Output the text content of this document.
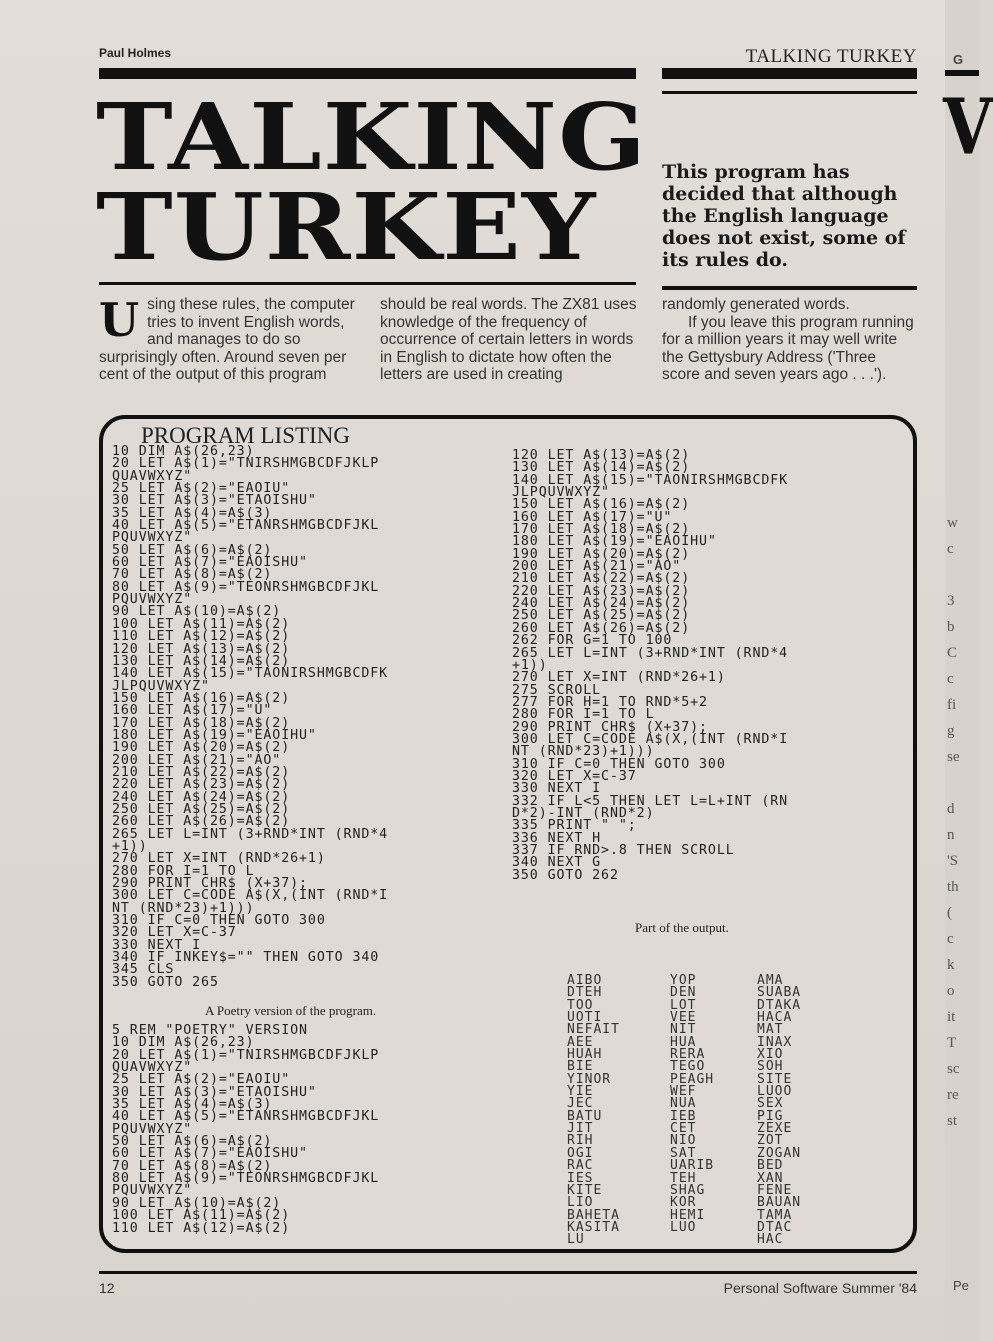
Paul Holmes	TALKING TURKEY
TALKING
TURKEY
This program has decided that although the English language does not exist, some of its rules do.
Using these rules, the computer tries to invent English words, and manages to do so surprisingly often. Around seven per cent of the output of this program
should be real words. The ZX81 uses knowledge of the frequency of occurrence of certain letters in words in English to dictate how often the letters are used in creating
randomly generated words.
If you leave this program running for a million years it may well write the Gettysbury Address ('Three score and seven years ago . . .').
PROGRAM LISTING
10 DIM A$(26,23)
20 LET A$(1)="TNIRSHMGBCDFJKLP
QUAVWXYZ"
25 LET A$(2)="EAOIU"
30 LET A$(3)="ETAOISHU"
35 LET A$(4)=A$(3)
40 LET A$(5)="ETANRSHMGBCDFJKL
PQUVWXYZ"
50 LET A$(6)=A$(2)
60 LET A$(7)="EAOISHU"
70 LET A$(8)=A$(2)
80 LET A$(9)="TEONRSHMGBCDFJKL
PQUVWXYZ"
90 LET A$(10)=A$(2)
100 LET A$(11)=A$(2)
110 LET A$(12)=A$(2)
120 LET A$(13)=A$(2)
130 LET A$(14)=A$(2)
140 LET A$(15)="TAONIRSHMGBCDFK
JLPQUVWXYZ"
150 LET A$(16)=A$(2)
160 LET A$(17)="U"
170 LET A$(18)=A$(2)
180 LET A$(19)="EAOIHU"
190 LET A$(20)=A$(2)
200 LET A$(21)="AO"
210 LET A$(22)=A$(2)
220 LET A$(23)=A$(2)
240 LET A$(24)=A$(2)
250 LET A$(25)=A$(2)
260 LET A$(26)=A$(2)
265 LET L=INT (3+RND*INT (RND*4
+1))
270 LET X=INT (RND*26+1)
280 FOR I=1 TO L
290 PRINT CHR$ (X+37);
300 LET C=CODE A$(X,(INT (RND*I
NT (RND*23)+1)))
310 IF C=0 THEN GOTO 300
320 LET X=C-37
330 NEXT I
340 IF INKEY$="" THEN GOTO 340
345 CLS
350 GOTO 265
A Poetry version of the program.
5 REM "POETRY" VERSION
10 DIM A$(26,23)
20 LET A$(1)="TNIRSHMGBCDFJKLP
QUAVWXYZ"
25 LET A$(2)="EAOIU"
30 LET A$(3)="ETAOISHU"
35 LET A$(4)=A$(3)
40 LET A$(5)="ETANRSHMGBCDFJKL
PQUVWXYZ"
50 LET A$(6)=A$(2)
60 LET A$(7)="EAOISHU"
70 LET A$(8)=A$(2)
80 LET A$(9)="TEONRSHMGBCDFJKL
PQUVWXYZ"
90 LET A$(10)=A$(2)
100 LET A$(11)=A$(2)
110 LET A$(12)=A$(2)
120 LET A$(13)=A$(2)
130 LET A$(14)=A$(2)
140 LET A$(15)="TAONIRSHMGBCDFK
JLPQUVWXYZ"
150 LET A$(16)=A$(2)
160 LET A$(17)="U"
170 LET A$(18)=A$(2)
180 LET A$(19)="EAOIHU"
190 LET A$(20)=A$(2)
200 LET A$(21)="AO"
210 LET A$(22)=A$(2)
220 LET A$(23)=A$(2)
240 LET A$(24)=A$(2)
250 LET A$(25)=A$(2)
260 LET A$(26)=A$(2)
262 FOR G=1 TO 100
265 LET L=INT (3+RND*INT (RND*4
+1))
270 LET X=INT (RND*26+1)
275 SCROLL
277 FOR H=1 TO RND*5+2
280 FOR I=1 TO L
290 PRINT CHR$ (X+37);
300 LET C=CODE A$(X,(INT (RND*I
NT (RND*23)+1)))
310 IF C=0 THEN GOTO 300
320 LET X=C-37
330 NEXT I
332 IF L<5 THEN LET L=L+INT (RN
D*2)-INT (RND*2)
335 PRINT " ";
336 NEXT H
337 IF RND>.8 THEN SCROLL
340 NEXT G
350 GOTO 262
Part of the output.
AIBO
DTEH
TOO
UOTI
NEFAIT
AEE
HUAH
BIE
YINOR
YIE
JEC
BATU
JIT
RIH
OGI
RAC
IES
KITE
LIO
BAHETA
KASITA
LU
YOP
DEN
LOT
VEE
NIT
HUA
RERA
TEGO
PEAGH
WEF
NUA
IEB
CET
NIO
SAT
UARIB
TEH
SHAG
KOR
HEMI
LUO
AMA
SUABA
DTAKA
HACA
MAT
INAX
XIO
SOH
SITE
LUOO
SEX
PIG
ZEXE
ZOT
ZOGAN
BED
XAN
FENE
BAUAN
TAMA
DTAC
HAC
12	Personal Software Summer '84
G
V
w
c

3
b
C
c
fi
g
se

d
n
'S
th
(
c
k
o
it
T
sc
re
st
Pe
